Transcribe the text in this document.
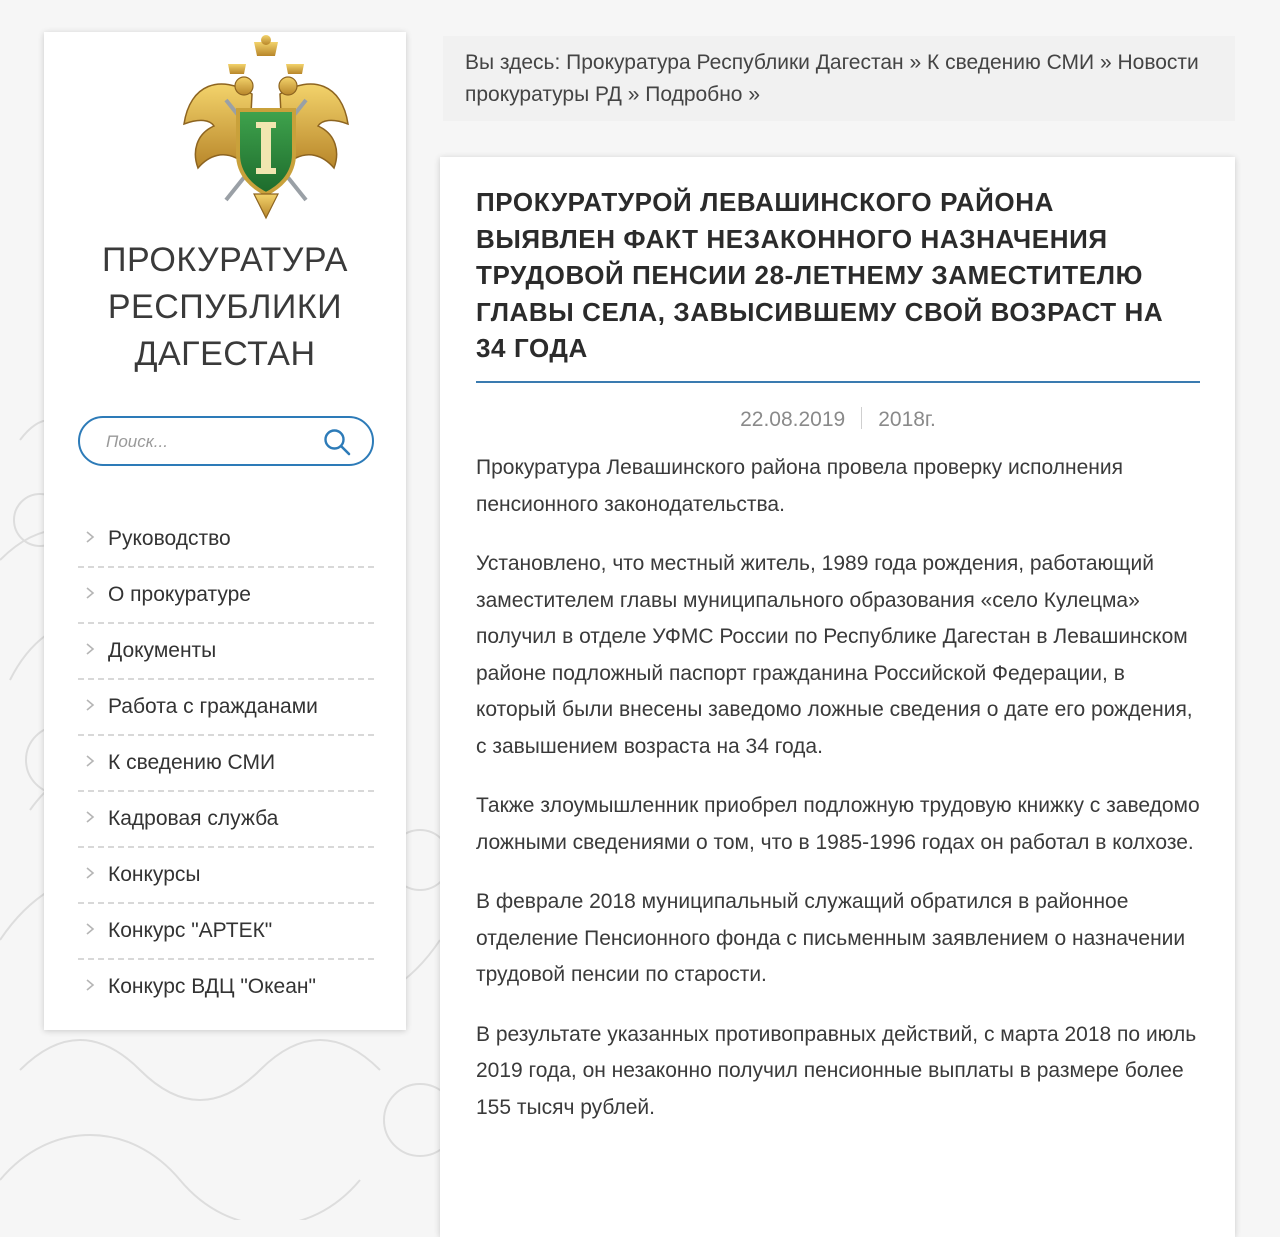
ПРОКУРАТУРА
РЕСПУБЛИКИ
ДАГЕСТАН
Поиск...
Руководство
О прокуратуре
Документы
Работа с гражданами
К сведению СМИ
Кадровая служба
Конкурсы
Конкурс "АРТЕК"
Конкурс ВДЦ "Океан"
Вы здесь: Прокуратура Республики Дагестан » К сведению СМИ » Новости прокуратуры РД » Подробно »
ПРОКУРАТУРОЙ ЛЕВАШИНСКОГО РАЙОНА ВЫЯВЛЕН ФАКТ НЕЗАКОННОГО НАЗНАЧЕНИЯ ТРУДОВОЙ ПЕНСИИ 28-ЛЕТНЕМУ ЗАМЕСТИТЕЛЮ ГЛАВЫ СЕЛА, ЗАВЫСИВШЕМУ СВОЙ ВОЗРАСТ НА 34 ГОДА
22.08.2019 2018г.

Прокуратура Левашинского района провела проверку исполнения пенсионного законодательства.

Установлено, что местный житель, 1989 года рождения, работающий заместителем главы муниципального образования «село Кулецма» получил в отделе УФМС России по Республике Дагестан в Левашинском районе подложный паспорт гражданина Российской Федерации, в который были внесены заведомо ложные сведения о дате его рождения, с завышением возраста на 34 года.

Также злоумышленник приобрел подложную трудовую книжку с заведомо ложными сведениями о том, что в 1985-1996 годах он работал в колхозе.

В феврале 2018 муниципальный служащий обратился в районное отделение Пенсионного фонда с письменным заявлением о назначении трудовой пенсии по старости.

В результате указанных противоправных действий, с марта 2018 по июль 2019 года, он незаконно получил пенсионные выплаты в размере более 155 тысяч рублей.
